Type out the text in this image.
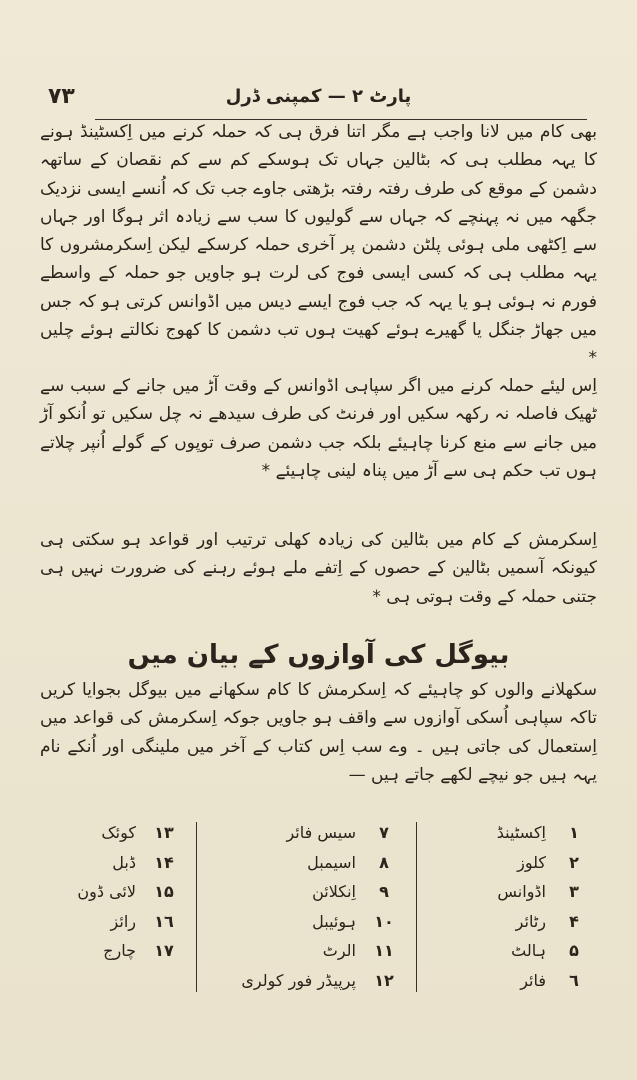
٧٣	پارٹ ٢ — کمپنی ڈرل

بھی کام میں لانا واجب ہے مگر اتنا فرق ہی کہ حملہ کرنے میں اِکسٹینڈ ہونے کا یہہ مطلب ہی کہ بٹالین جہاں تک ہوسکے کم سے کم نقصان کے ساتھہ دشمن کے موقع کی طرف رفتہ رفتہ بڑھتی جاوے جب تک کہ اُنسے ایسی نزدیک جگھہ میں نہ پہنچے کہ جہاں سے گولیوں کا سب سے زیادہ اثر ہوگا اور جہاں سے اِکٹھی ملی ہوئی پلٹن دشمن پر آخری حملہ کرسکے لیکن اِسکرمشروں کا یہہ مطلب ہی کہ کسی ایسی فوج کی لرت ہو جاویں جو حملہ کے واسطے فورم نہ ہوئی ہو یا یہہ کہ جب فوج ایسے دیس میں اڈوانس کرتی ہو کہ جس میں جھاڑ جنگل یا گھیرے ہوئے کھیت ہوں تب دشمن کا کھوج نکالتے ہوئے چلیں *

اِس لیئے حملہ کرنے میں اگر سپاہی اڈوانس کے وقت آڑ میں جانے کے سبب سے ٹھیک فاصلہ نہ رکھہ سکیں اور فرنٹ کی طرف سیدھے نہ چل سکیں تو اُنکو آڑ میں جانے سے منع کرنا چاہیئے بلکہ جب دشمن صرف توپوں کے گولے اُنپر چلاتے ہوں تب حکم ہی سے آڑ میں پناہ لینی چاہیئے *

اِسکرمش کے کام میں بٹالین کی زیادہ کھلی ترتیب اور قواعد ہو سکتی ہی کیونکہ آسمیں بٹالین کے حصوں کے اِتفے ملے ہوئے رہنے کی ضرورت نہیں ہی جتنی حملہ کے وقت ہوتی ہی *

بیوگل کی آوازوں کے بیان میں

سکھلانے والوں کو چاہیئے کہ اِسکرمش کا کام سکھانے میں بیوگل بجوایا کریں تاکہ سپاہی اُسکی آوازوں سے واقف ہو جاویں جوکہ اِسکرمش کی قواعد میں اِستعمال کی جاتی ہیں ۔ وے سب اِس کتاب کے آخر میں ملینگی اور اُنکے نام یہہ ہیں جو نیچے لکھے جاتے ہیں —

١
اِکسٹینڈ
٢
کلوز
٣
اڈوانس
۴
رٹائر
۵
ہالٹ
٦
فائر
٧
سیس فائر
٨
اسیمبل
٩
اِنکلائن
١٠
ہوئیبل
١١
الرٹ
١٢
پرپیڈر فور کولری
١٣
کوئک
١۴
ڈبل
١۵
لائی ڈون
١٦
رائز
١٧
چارج
